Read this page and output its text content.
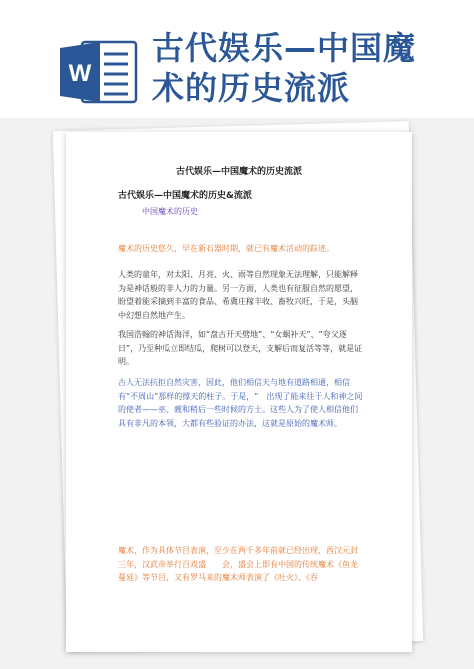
W
古代娱乐—中国魔
术的历史流派
古代娱乐—中国魔术的历史流派
古代娱乐—中国魔术的历史&流派
中国魔术的历史

魔术的历史悠久，早在新石器时期，就已有魔术活动的踪迹。

人类的童年，对太阳、月亮、火、雨等自然现象无法理解，只能解释为是神话般的非人力的力量。另一方面，人类也有征服自然的愿望，盼望着能采摘到丰富的食品、希冀庄稼丰收、畜牧兴旺，于是，头脑中幻想自然地产生。

我国浩翰的神话海洋，如“盘古开天劈地”、“女蜗补天”、“夸父逐日”，乃至种瓜立即结瓜，爬树可以登天，支解后而复活等等，就是证明。

古人无法抗拒自然灾害，因此，他们相信天与地有道路相通，相信有“不周山”那样的撑天的柱子。于是，“　出现了能来往于人和神之间的使者——巫、觋和稍后一些时候的方士。这些人为了使人相信他们具有非凡的本领，大都有些验证的办法，这就是原始的魔术师。

魔术，作为具体节目表演，至少在两千多年前就已经出现，西汉元封三年，汉武帝举行百戏盛　　会，盛会上即有中国的传统魔术《鱼龙蔓延》等节目，又有罗马来的魔术师表演了《吐火》、《吞
